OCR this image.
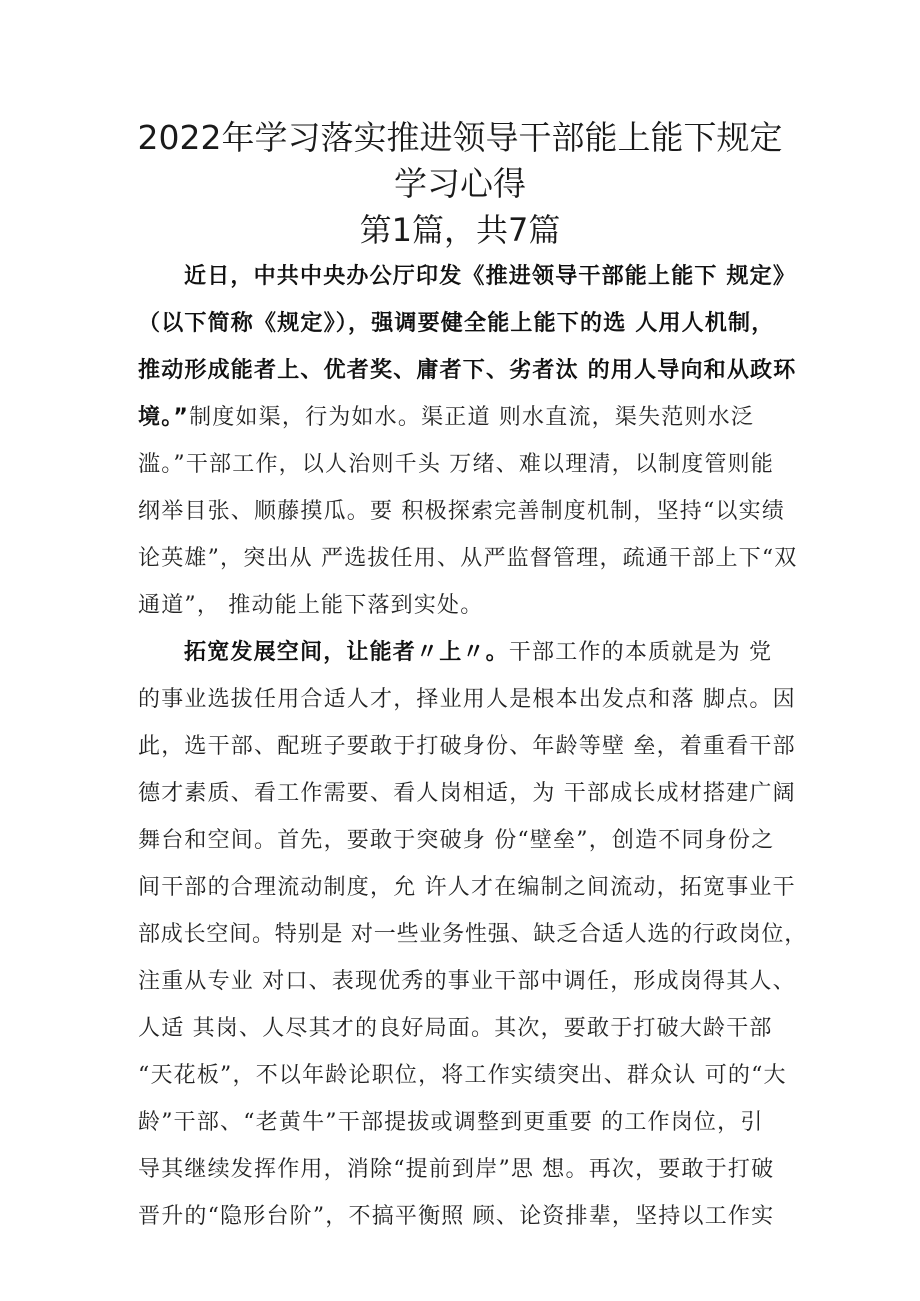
2022年学习落实推进领导干部能上能下规定
学习心得
第1篇，共7篇
近日，中共中央办公厅印发《推进领导干部能上能下 规定》
（以下简称《规定》），强调要健全能上能下的选 人用人机制，
推动形成能者上、优者奖、庸者下、劣者汰 的用人导向和从政环
境。”制度如渠，行为如水。渠正道 则水直流，渠失范则水泛
滥。”干部工作，以人治则千头 万绪、难以理清，以制度管则能
纲举目张、顺藤摸瓜。要 积极探索完善制度机制，坚持“以实绩
论英雄”，突出从 严选拔任用、从严监督管理，疏通干部上下“双
通道”， 推动能上能下落到实处。
拓宽发展空间，让能者〃上〃。干部工作的本质就是为 党
的事业选拔任用合适人才，择业用人是根本出发点和落 脚点。因
此，选干部、配班子要敢于打破身份、年龄等壁 垒，着重看干部
德才素质、看工作需要、看人岗相适，为 干部成长成材搭建广阔
舞台和空间。首先，要敢于突破身 份“壁垒”，创造不同身份之
间干部的合理流动制度，允 许人才在编制之间流动，拓宽事业干
部成长空间。特别是 对一些业务性强、缺乏合适人选的行政岗位，
注重从专业 对口、表现优秀的事业干部中调任，形成岗得其人、
人适 其岗、人尽其才的良好局面。其次，要敢于打破大龄干部
“天花板”，不以年龄论职位，将工作实绩突出、群众认 可的“大
龄”干部、“老黄牛”干部提拔或调整到更重要 的工作岗位，引
导其继续发挥作用，消除“提前到岸”思 想。再次，要敢于打破
晋升的“隐形台阶”，不搞平衡照 顾、论资排辈，坚持以工作实
